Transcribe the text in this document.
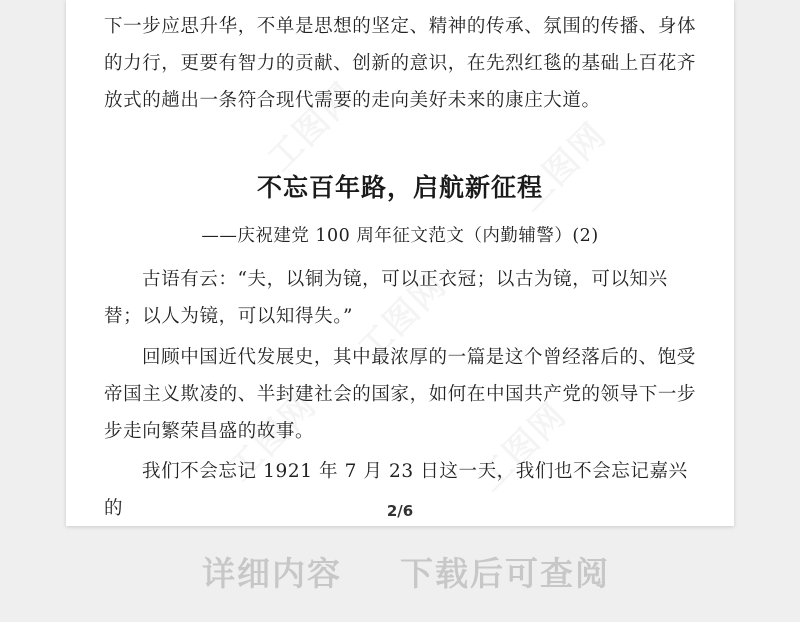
下一步应思升华，不单是思想的坚定、精神的传承、氛围的传播、身体的力行，更要有智力的贡献、创新的意识，在先烈红毯的基础上百花齐放式的趟出一条符合现代需要的走向美好未来的康庄大道。

不忘百年路，启航新征程

——庆祝建党 100 周年征文范文（内勤辅警）(2)

古语有云：“夫，以铜为镜，可以正衣冠；以古为镜，可以知兴替；以人为镜，可以知得失。”

回顾中国近代发展史，其中最浓厚的一篇是这个曾经落后的、饱受帝国主义欺凌的、半封建社会的国家，如何在中国共产党的领导下一步步走向繁荣昌盛的故事。

我们不会忘记 1921 年 7 月 23 日这一天，我们也不会忘记嘉兴的	2/6
详细内容 下载后可查阅
